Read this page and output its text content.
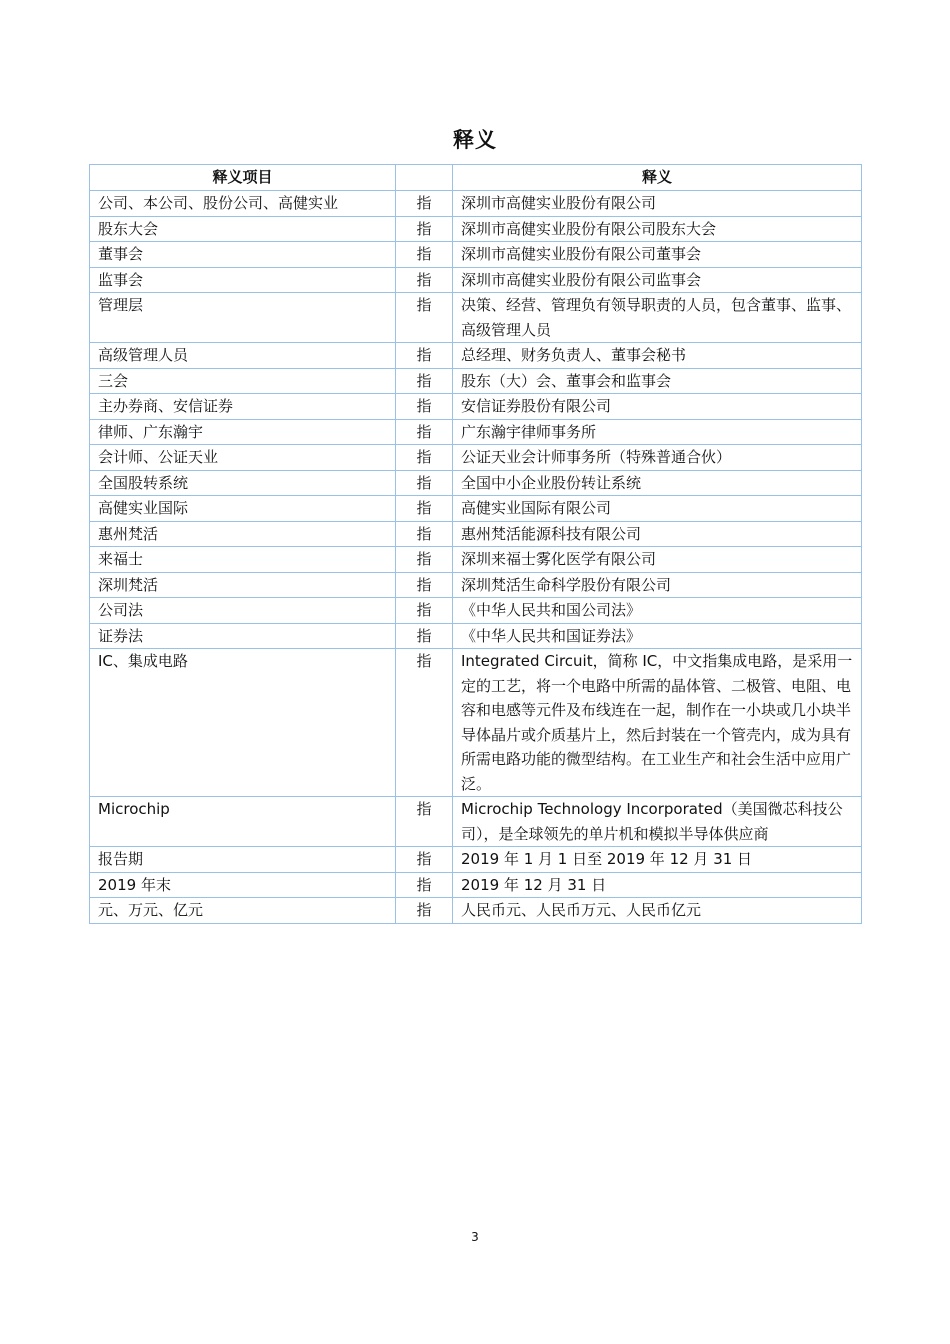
释义
释义项目		释义
公司、本公司、股份公司、高健实业	指	深圳市高健实业股份有限公司
股东大会	指	深圳市高健实业股份有限公司股东大会
董事会	指	深圳市高健实业股份有限公司董事会
监事会	指	深圳市高健实业股份有限公司监事会
管理层	指	决策、经营、管理负有领导职责的人员，包含董事、监事、高级管理人员
高级管理人员	指	总经理、财务负责人、董事会秘书
三会	指	股东（大）会、董事会和监事会
主办券商、安信证券	指	安信证券股份有限公司
律师、广东瀚宇	指	广东瀚宇律师事务所
会计师、公证天业	指	公证天业会计师事务所（特殊普通合伙）
全国股转系统	指	全国中小企业股份转让系统
高健实业国际	指	高健实业国际有限公司
惠州梵活	指	惠州梵活能源科技有限公司
来福士	指	深圳来福士雾化医学有限公司
深圳梵活	指	深圳梵活生命科学股份有限公司
公司法	指	《中华人民共和国公司法》
证券法	指	《中华人民共和国证券法》
IC、集成电路	指	Integrated Circuit，简称 IC，中文指集成电路，是采用一定的工艺，将一个电路中所需的晶体管、二极管、电阻、电容和电感等元件及布线连在一起，制作在一小块或几小块半导体晶片或介质基片上，然后封装在一个管壳内，成为具有所需电路功能的微型结构。在工业生产和社会生活中应用广泛。
Microchip	指	Microchip Technology Incorporated（美国微芯科技公司），是全球领先的单片机和模拟半导体供应商
报告期	指	2019 年 1 月 1 日至 2019 年 12 月 31 日
2019 年末	指	2019 年 12 月 31 日
元、万元、亿元	指	人民币元、人民币万元、人民币亿元
3
